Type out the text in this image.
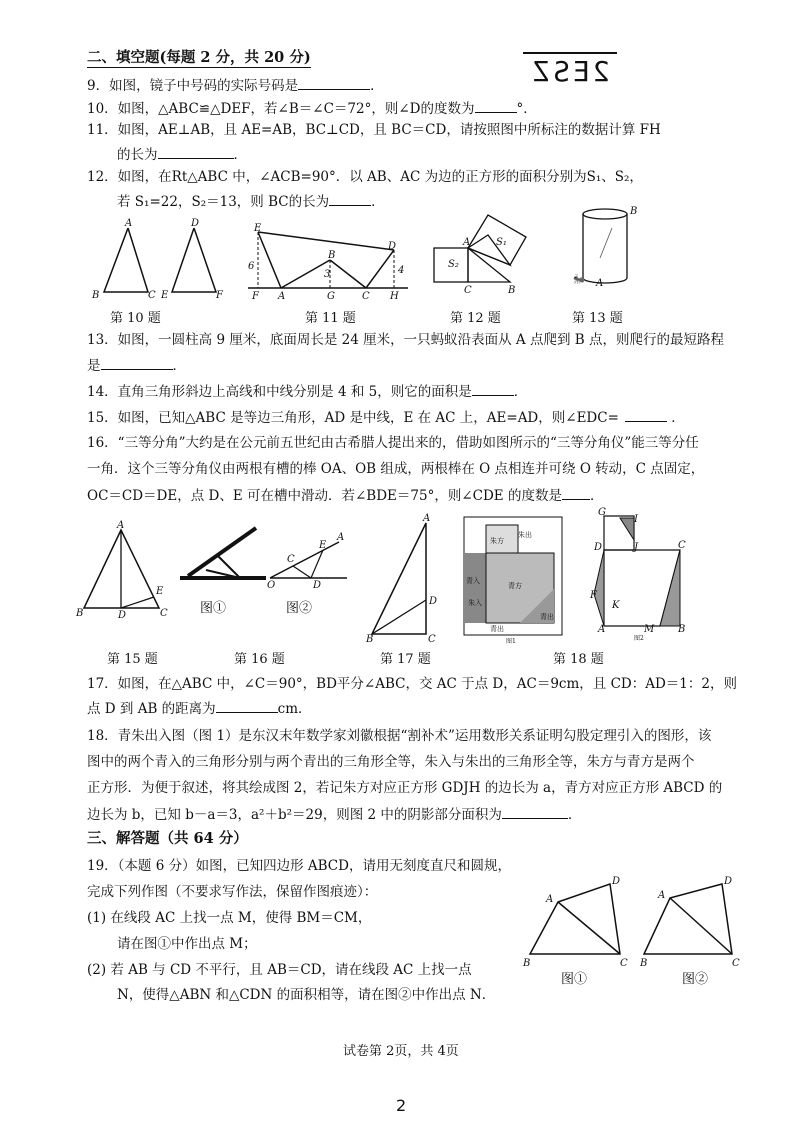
二、填空题(每题 2 分，共 20 分)	2ESZ
9．如图，镜子中号码的实际号码是	．
10．如图，△ABC≌△DEF，若∠B＝∠C＝72°，则∠D的度数为	°．
11．如图，AE⊥AB，且 AE=AB，BC⊥CD，且 BC＝CD，请按照图中所标注的数据计算 FH
的长为	．
12．如图，在Rt△ABC 中，∠ACB=90°．以 AB、AC 为边的正方形的面积分别为S₁、S₂，
若 S₁=22，S₂＝13，则 BC的长为	．
A
B	C
D
E	F
E
6
D
4
3
B
F A	G	C H
S₂
S₁
A
C	B
B
A
🐜
第 10 题	第 11 题	第 12 题	第 13 题
13．如图，一圆柱高 9 厘米，底面周长是 24 厘米，一只蚂蚁沿表面从 A 点爬到 B 点，则爬行的最短路程
是	．
14．直角三角形斜边上高线和中线分别是 4 和 5，则它的面积是	．
15．如图，已知△ABC 是等边三角形，AD 是中线，E 在 AC 上，AE=AD，则∠EDC=	．
16．“三等分角”大约是在公元前五世纪由古希腊人提出来的，借助如图所示的“三等分角仪”能三等分任
一角．这个三等分角仪由两根有槽的棒 OA、OB 组成，两根棒在 O 点相连并可绕 O 转动，C 点固定，
OC＝CD＝DE，点 D、E 可在槽中滑动．若∠BDE＝75°，则∠CDE 的度数是 ．
A
B	D	C
E
O
C
D
E
A
图①	图②
A
B	C
D
朱方
青方
青入
青出
朱入
青出
朱出
图1
G
I
D	J	C
F
K
A	M B
图2
第 15 题	第 16 题	第 17 题	第 18 题
17．如图，在△ABC 中，∠C＝90°，BD平分∠ABC，交 AC 于点 D，AC＝9cm，且 CD：AD＝1：2，则
点 D 到 AB 的距离为	cm．
18．青朱出入图（图 1）是东汉末年数学家刘徽根据“割补术”运用数形关系证明勾股定理引入的图形，该
图中的两个青入的三角形分别与两个青出的三角形全等，朱入与朱出的三角形全等，朱方与青方是两个
正方形．为便于叙述，将其绘成图 2，若记朱方对应正方形 GDJH 的边长为 a，青方对应正方形 ABCD 的
边长为 b，已知 b－a＝3，a²＋b²＝29，则图 2 中的阴影部分面积为	．
三、解答题（共 64 分）
19．（本题 6 分）如图，已知四边形 ABCD，请用无刻度直尺和圆规，
完成下列作图（不要求写作法，保留作图痕迹）：
(1) 在线段 AC 上找一点 M，使得 BM＝CM，
请在图①中作出点 M；
(2) 若 AB 与 CD 不平行，且 AB＝CD，请在线段 AC 上找一点
N，使得△ABN 和△CDN 的面积相等，请在图②中作出点 N．
A
D
B	C
A
D
B	C
图①	图②
试卷第 2页，共 4页
2
